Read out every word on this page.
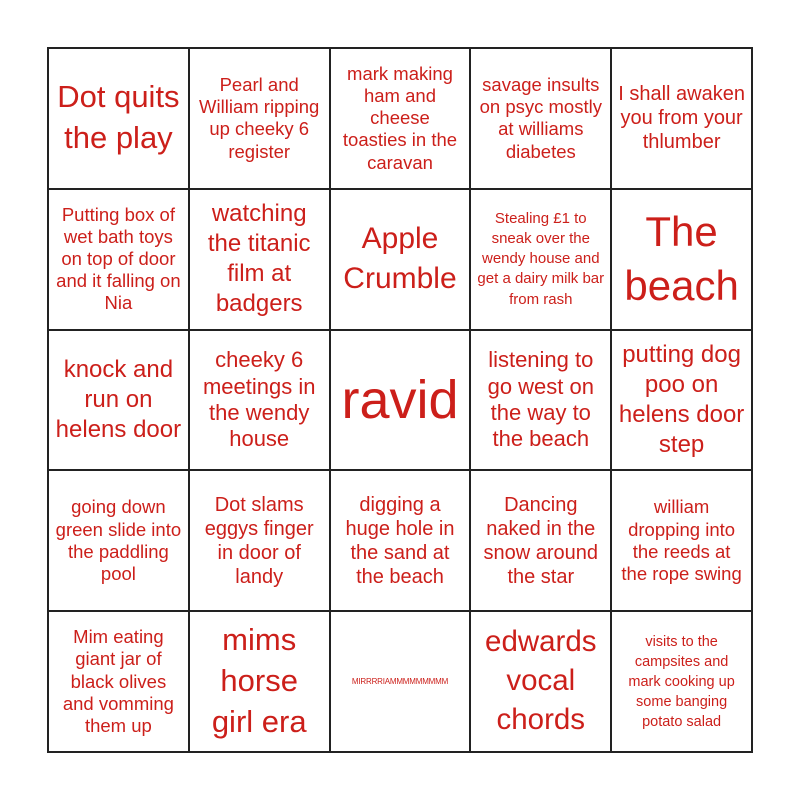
Dot quits the play
Pearl and William ripping up cheeky 6 register
mark making ham and cheese toasties in the caravan
savage insults on psyc mostly at williams diabetes
I shall awaken you from your thlumber
Putting box of wet bath toys on top of door and it falling on Nia
watching the titanic film at badgers
Apple Crumble
Stealing £1 to sneak over the wendy house and get a dairy milk bar from rash
The beach
knock and run on helens door
cheeky 6 meetings in the wendy house
ravid
listening to go west on the way to the beach
putting dog poo on helens door step
going down green slide into the paddling pool
Dot slams eggys finger in door of landy
digging a huge hole in the sand at the beach
Dancing naked in the snow around the star
william dropping into the reeds at the rope swing
Mim eating giant jar of black olives and vomming them up
mims horse girl era
MIRRRRIAMMMMMMMMM
edwards vocal chords
visits to the campsites and mark cooking up some banging potato salad
